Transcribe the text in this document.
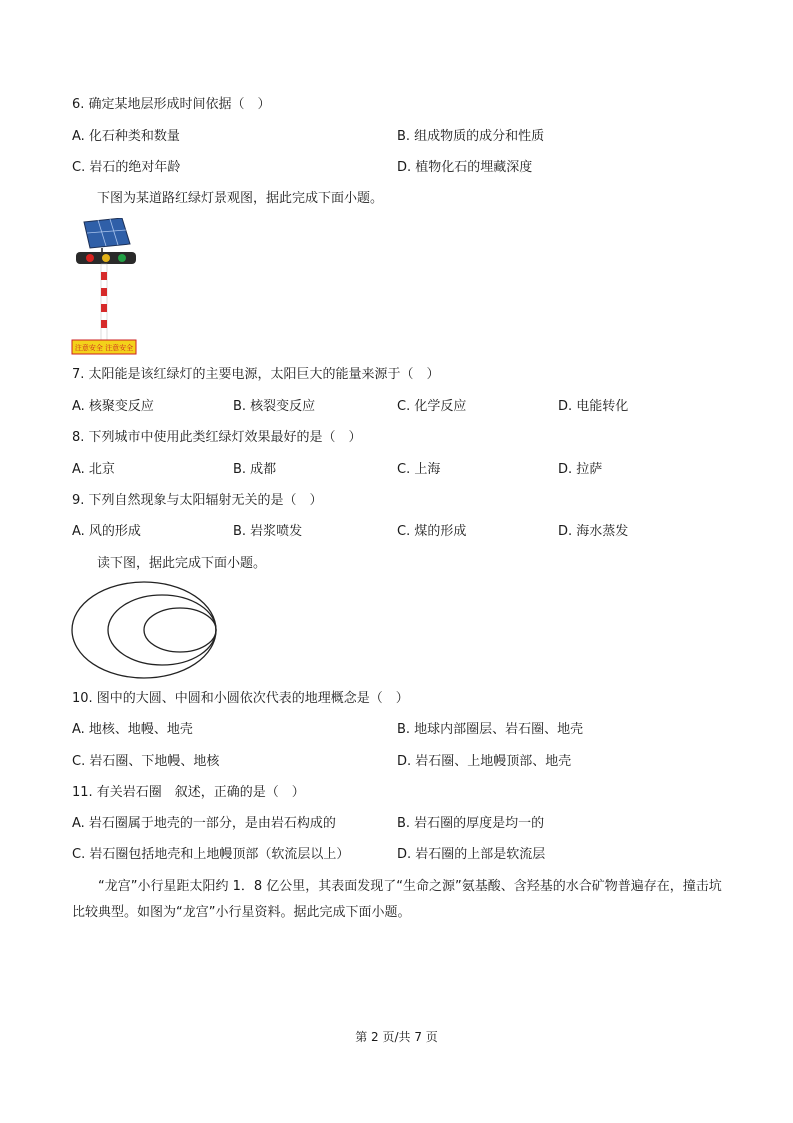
6. 确定某地层形成时间依据（　）
A. 化石种类和数量	B. 组成物质的成分和性质
C. 岩石的绝对年龄	D. 植物化石的埋藏深度
下图为某道路红绿灯景观图，据此完成下面小题。
注意安全 注意安全
7. 太阳能是该红绿灯的主要电源，太阳巨大的能量来源于（　）
A. 核聚变反应	B. 核裂变反应	C. 化学反应	D. 电能转化
8. 下列城市中使用此类红绿灯效果最好的是（　）
A. 北京	B. 成都	C. 上海	D. 拉萨
9. 下列自然现象与太阳辐射无关的是（　）
A. 风的形成	B. 岩浆喷发	C. 煤的形成	D. 海水蒸发
读下图，据此完成下面小题。
10. 图中的大圆、中圆和小圆依次代表的地理概念是（　）
A. 地核、地幔、地壳	B. 地球内部圈层、岩石圈、地壳
C. 岩石圈、下地幔、地核	D. 岩石圈、上地幔顶部、地壳
11. 有关岩石圈　叙述，正确的是（　）
A. 岩石圈属于地壳的一部分，是由岩石构成的	B. 岩石圈的厚度是均一的
C. 岩石圈包括地壳和上地幔顶部（软流层以上）	D. 岩石圈的上部是软流层
“龙宫”小行星距太阳约 1．8 亿公里，其表面发现了“生命之源”氨基酸、含羟基的水合矿物普遍存在，撞击坑比较典型。如图为“龙宫”小行星资料。据此完成下面小题。
第 2 页/共 7 页
